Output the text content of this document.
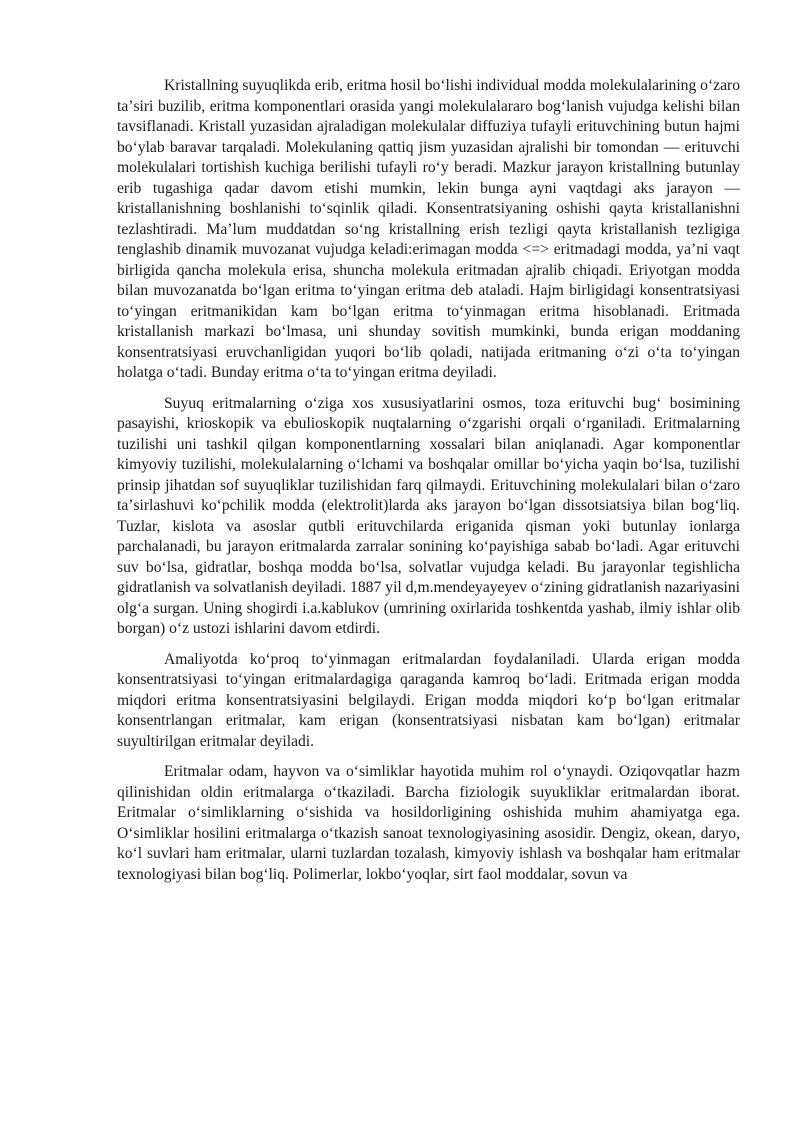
Kristallning suyuqlikda erib, eritma hosil boʻlishi individual modda molekulalarining oʻzaro taʼsiri buzilib, eritma komponentlari orasida yangi molekulalararo bogʻlanish vujudga kelishi bilan tavsiflanadi. Kristall yuzasidan ajraladigan molekulalar diffuziya tufayli erituvchining butun hajmi boʻylab baravar tarqaladi. Molekulaning qattiq jism yuzasidan ajralishi bir tomondan — erituvchi molekulalari tortishish kuchiga berilishi tufayli roʻy beradi. Mazkur jarayon kristallning butunlay erib tugashiga qadar davom etishi mumkin, lekin bunga ayni vaqtdagi aks jarayon — kristallanishning boshlanishi toʻsqinlik qiladi. Konsentratsiyaning oshishi qayta kristallanishni tezlashtiradi. Maʼlum muddatdan soʻng kristallning erish tezligi qayta kristallanish tezligiga tenglashib dinamik muvozanat vujudga keladi:erimagan modda <=> eritmadagi modda, yaʼni vaqt birligida qancha molekula erisa, shuncha molekula eritmadan ajralib chiqadi. Eriyotgan modda bilan muvozanatda boʻlgan eritma toʻyingan eritma deb ataladi. Hajm birligidagi konsentratsiyasi toʻyingan eritmanikidan kam boʻlgan eritma toʻyinmagan eritma hisoblanadi. Eritmada kristallanish markazi boʻlmasa, uni shunday sovitish mumkinki, bunda erigan moddaning konsentratsiyasi eruvchanligidan yuqori boʻlib qoladi, natijada eritmaning oʻzi oʻta toʻyingan holatga oʻtadi. Bunday eritma oʻta toʻyingan eritma deyiladi.

Suyuq eritmalarning oʻziga xos xususiyatlarini osmos, toza erituvchi bugʻ bosimining pasayishi, krioskopik va ebulioskopik nuqtalarning oʻzgarishi orqali oʻrganiladi. Eritmalarning tuzilishi uni tashkil qilgan komponentlarning xossalari bilan aniqlanadi. Agar komponentlar kimyoviy tuzilishi, molekulalarning oʻlchami va boshqalar omillar boʻyicha yaqin boʻlsa, tuzilishi prinsip jihatdan sof suyuqliklar tuzilishidan farq qilmaydi. Erituvchining molekulalari bilan oʻzaro taʼsirlashuvi koʻpchilik modda (elektrolit)larda aks jarayon boʻlgan dissotsiatsiya bilan bogʻliq. Tuzlar, kislota va asoslar qutbli erituvchilarda eriganida qisman yoki butunlay ionlarga parchalanadi, bu jarayon eritmalarda zarralar sonining koʻpayishiga sabab boʻladi. Agar erituvchi suv boʻlsa, gidratlar, boshqa modda boʻlsa, solvatlar vujudga keladi. Bu jarayonlar tegishlicha gidratlanish va solvatlanish deyiladi. 1887 yil d,m.mendeyayeyev oʻzining gidratlanish nazariyasini olgʻa surgan. Uning shogirdi i.a.kablukov (umrining oxirlarida toshkentda yashab, ilmiy ishlar olib borgan) oʻz ustozi ishlarini davom etdirdi.

Amaliyotda koʻproq toʻyinmagan eritmalardan foydalaniladi. Ularda erigan modda konsentratsiyasi toʻyingan eritmalardagiga qaraganda kamroq boʻladi. Eritmada erigan modda miqdori eritma konsentratsiyasini belgilaydi. Erigan modda miqdori koʻp boʻlgan eritmalar konsentrlangan eritmalar, kam erigan (konsentratsiyasi nisbatan kam boʻlgan) eritmalar suyultirilgan eritmalar deyiladi.

Eritmalar odam, hayvon va oʻsimliklar hayotida muhim rol oʻynaydi. Oziqovqatlar hazm qilinishidan oldin eritmalarga oʻtkaziladi. Barcha fiziologik suyukliklar eritmalardan iborat. Eritmalar oʻsimliklarning oʻsishida va hosildorligining oshishida muhim ahamiyatga ega. Oʻsimliklar hosilini eritmalarga oʻtkazish sanoat texnologiyasining asosidir. Dengiz, okean, daryo, koʻl suvlari ham eritmalar, ularni tuzlardan tozalash, kimyoviy ishlash va boshqalar ham eritmalar texnologiyasi bilan bogʻliq. Polimerlar, lokboʻyoqlar, sirt faol moddalar, sovun va
